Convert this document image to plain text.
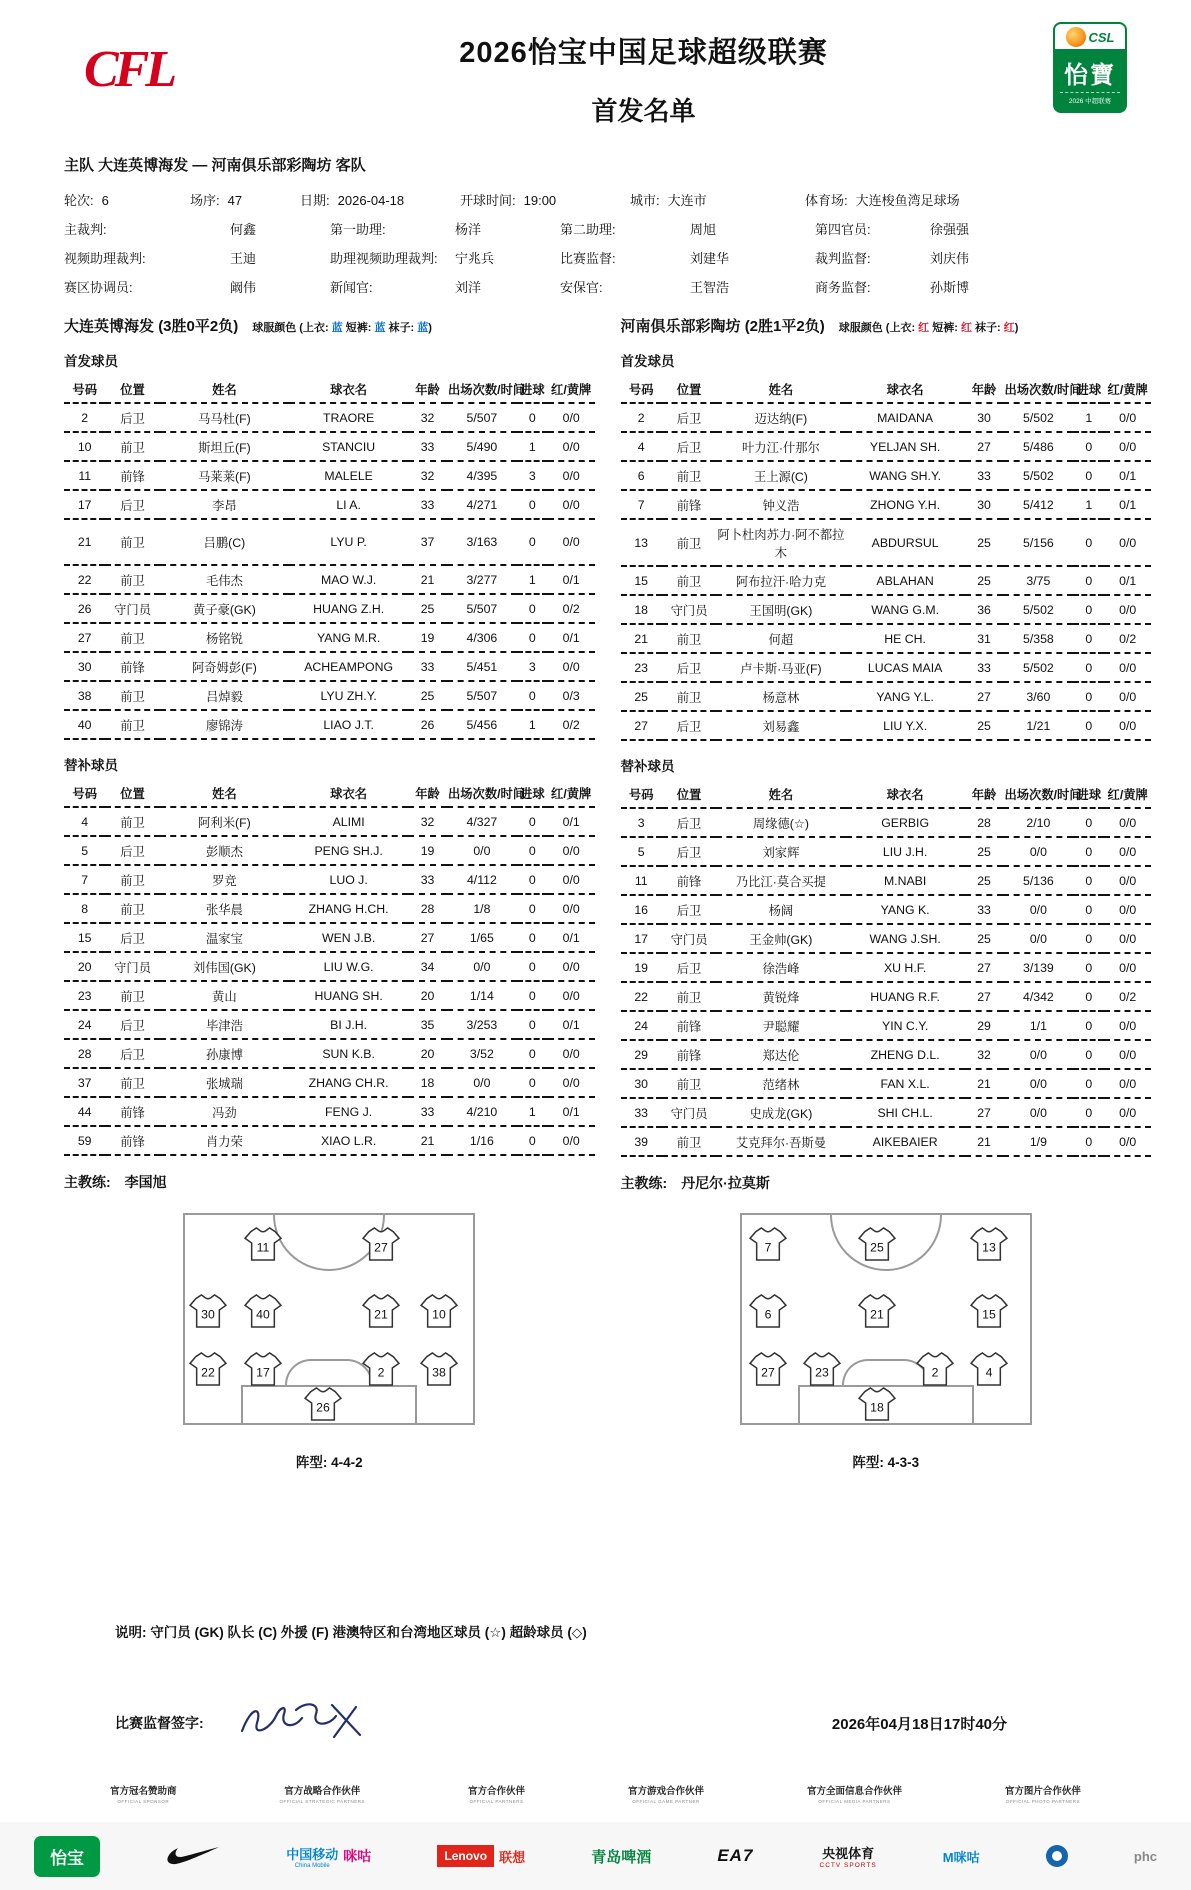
CFL	2026怡宝中国足球超级联赛
首发名单
CSL
怡寶
2026 中超联赛
主队 大连英博海发 — 河南俱乐部彩陶坊 客队
轮次: 6	场序: 47	日期: 2026-04-18	开球时间: 19:00	城市: 大连市	体育场: 大连梭鱼湾足球场
主裁判:	何鑫	第一助理:	杨洋	第二助理:	周旭	第四官员:	徐强强
视频助理裁判:	王迪	助理视频助理裁判: 宁兆兵	比赛监督:	刘建华	裁判监督:	刘庆伟
赛区协调员:	阚伟	新闻官:	刘洋	安保官:	王智浩	商务监督:	孙斯博
大连英博海发 (3胜0平2负) 球服颜色 (上衣: 蓝 短裤: 蓝 袜子: 蓝)
首发球员
号码	位置	姓名	球衣名	年龄	出场次数/时间	进球	红/黄牌
2	后卫	马马杜(F)	TRAORE	32	5/507	0	0/0
10	前卫	斯坦丘(F)	STANCIU	33	5/490	1	0/0
11	前锋	马莱莱(F)	MALELE	32	4/395	3	0/0
17	后卫	李昂	LI A.	33	4/271	0	0/0
21	前卫	吕鹏(C)	LYU P.	37	3/163	0	0/0
22	前卫	毛伟杰	MAO W.J.	21	3/277	1	0/1
26	守门员	黄子豪(GK)	HUANG Z.H.	25	5/507	0	0/2
27	前卫	杨铭锐	YANG M.R.	19	4/306	0	0/1
30	前锋	阿奇姆彭(F)	ACHEAMPONG	33	5/451	3	0/0
38	前卫	吕焯毅	LYU ZH.Y.	25	5/507	0	0/3
40	前卫	廖锦涛	LIAO J.T.	26	5/456	1	0/2
替补球员
号码	位置	姓名	球衣名	年龄	出场次数/时间	进球	红/黄牌
4	前卫	阿利米(F)	ALIMI	32	4/327	0	0/1
5	后卫	彭顺杰	PENG SH.J.	19	0/0	0	0/0
7	前卫	罗竞	LUO J.	33	4/112	0	0/0
8	前卫	张华晨	ZHANG H.CH.	28	1/8	0	0/0
15	后卫	温家宝	WEN J.B.	27	1/65	0	0/1
20	守门员	刘伟国(GK)	LIU W.G.	34	0/0	0	0/0
23	前卫	黄山	HUANG SH.	20	1/14	0	0/0
24	后卫	毕津浩	BI J.H.	35	3/253	0	0/1
28	后卫	孙康博	SUN K.B.	20	3/52	0	0/0
37	前卫	张城瑞	ZHANG CH.R.	18	0/0	0	0/0
44	前锋	冯劲	FENG J.	33	4/210	1	0/1
59	前锋	肖力荣	XIAO L.R.	21	1/16	0	0/0
主教练: 李国旭
河南俱乐部彩陶坊 (2胜1平2负) 球服颜色 (上衣: 红 短裤: 红 袜子: 红)
首发球员
号码	位置	姓名	球衣名	年龄	出场次数/时间	进球	红/黄牌
2	后卫	迈达纳(F)	MAIDANA	30	5/502	1	0/0
4	后卫	叶力江·什那尔	YELJAN SH.	27	5/486	0	0/0
6	前卫	王上源(C)	WANG SH.Y.	33	5/502	0	0/1
7	前锋	钟义浩	ZHONG Y.H.	30	5/412	1	0/1
13	前卫	阿卜杜肉苏力·阿不都拉木	ABDURSUL	25	5/156	0	0/0
15	前卫	阿布拉汗·哈力克	ABLAHAN	25	3/75	0	0/1
18	守门员	王国明(GK)	WANG G.M.	36	5/502	0	0/0
21	前卫	何超	HE CH.	31	5/358	0	0/2
23	后卫	卢卡斯·马亚(F)	LUCAS MAIA	33	5/502	0	0/0
25	前卫	杨意林	YANG Y.L.	27	3/60	0	0/0
27	后卫	刘易鑫	LIU Y.X.	25	1/21	0	0/0
替补球员
号码	位置	姓名	球衣名	年龄	出场次数/时间	进球	红/黄牌
3	后卫	周缘德(☆)	GERBIG	28	2/10	0	0/0
5	后卫	刘家辉	LIU J.H.	25	0/0	0	0/0
11	前锋	乃比江·莫合买提	M.NABI	25	5/136	0	0/0
16	后卫	杨阔	YANG K.	33	0/0	0	0/0
17	守门员	王金帅(GK)	WANG J.SH.	25	0/0	0	0/0
19	后卫	徐浩峰	XU H.F.	27	3/139	0	0/0
22	前卫	黄锐烽	HUANG R.F.	27	4/342	0	0/2
24	前锋	尹聪耀	YIN C.Y.	29	1/1	0	0/0
29	前锋	郑达伦	ZHENG D.L.	32	0/0	0	0/0
30	前卫	范绪林	FAN X.L.	21	0/0	0	0/0
33	守门员	史成龙(GK)	SHI CH.L.	27	0/0	0	0/0
39	前卫	艾克拜尔·吾斯曼	AIKEBAIER	21	1/9	0	0/0
主教练: 丹尼尔·拉莫斯
11	27
30	40	21	10
22	17	2	38
26
阵型: 4-4-2
7	25	13
6	21	15
27	23	2	4
18
阵型: 4-3-3
说明: 守门员 (GK) 队长 (C) 外援 (F) 港澳特区和台湾地区球员 (☆) 超龄球员 (◇)
比赛监督签字:	2026年04月18日17时40分
官方冠名赞助商
OFFICIAL SPONSOR
官方战略合作伙伴
OFFICIAL STRATEGIC PARTNERS
官方合作伙伴
OFFICIAL PARTNERS
官方游戏合作伙伴
OFFICIAL GAME PARTNER
官方全面信息合作伙伴
OFFICIAL MEDIA PARTNERS
官方图片合作伙伴
OFFICIAL PHOTO PARTNERS
怡宝	中国移动
China Mobile
咪咕	Lenovo 联想	青岛啤酒	EA7	央视体育
CCTV SPORTS
M咪咕	phc
